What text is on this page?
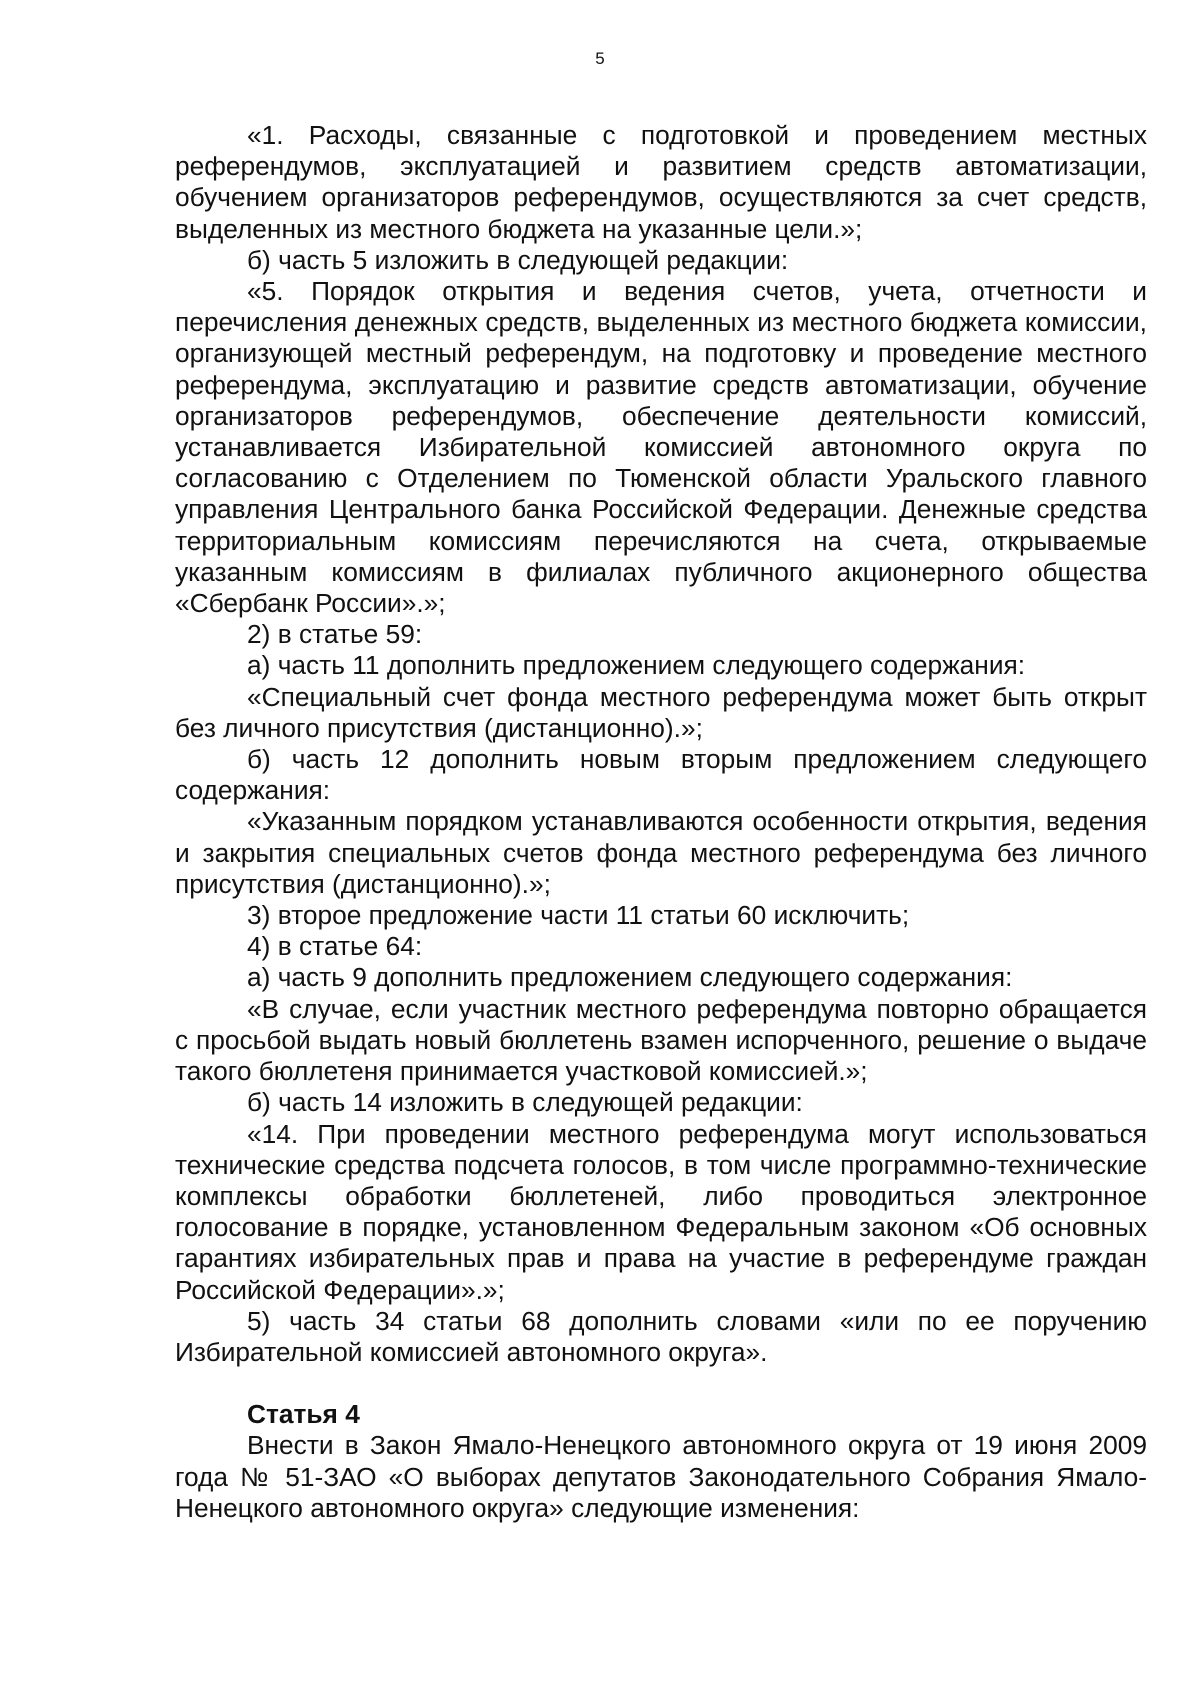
5

«1. Расходы, связанные с подготовкой и проведением местных референдумов, эксплуатацией и развитием средств автоматизации, обучением организаторов референдумов, осуществляются за счет средств, выделенных из местного бюджета на указанные цели.»;

б) часть 5 изложить в следующей редакции:

«5. Порядок открытия и ведения счетов, учета, отчетности и перечисления денежных средств, выделенных из местного бюджета комиссии, организующей местный референдум, на подготовку и проведение местного референдума, эксплуатацию и развитие средств автоматизации, обучение организаторов референдумов, обеспечение деятельности комиссий, устанавливается Избирательной комиссией автономного округа по согласованию с Отделением по Тюменской области Уральского главного управления Центрального банка Российской Федерации. Денежные средства территориальным комиссиям перечисляются на счета, открываемые указанным комиссиям в филиалах публичного акционерного общества «Сбербанк России».»;

2) в статье 59:

а) часть 11 дополнить предложением следующего содержания:

«Специальный счет фонда местного референдума может быть открыт без личного присутствия (дистанционно).»;

б) часть 12 дополнить новым вторым предложением следующего содержания:

«Указанным порядком устанавливаются особенности открытия, ведения и закрытия специальных счетов фонда местного референдума без личного присутствия (дистанционно).»;

3) второе предложение части 11 статьи 60 исключить;

4) в статье 64:

а) часть 9 дополнить предложением следующего содержания:

«В случае, если участник местного референдума повторно обращается с просьбой выдать новый бюллетень взамен испорченного, решение о выдаче такого бюллетеня принимается участковой комиссией.»;

б) часть 14 изложить в следующей редакции:

«14. При проведении местного референдума могут использоваться технические средства подсчета голосов, в том числе программно-технические комплексы обработки бюллетеней, либо проводиться электронное голосование в порядке, установленном Федеральным законом «Об основных гарантиях избирательных прав и права на участие в референдуме граждан Российской Федерации».»;

5) часть 34 статьи 68 дополнить словами «или по ее поручению Избирательной комиссией автономного округа».

Статья 4

Внести в Закон Ямало-Ненецкого автономного округа от 19 июня 2009 года № 51-ЗАО «О выборах депутатов Законодательного Собрания Ямало-Ненецкого автономного округа» следующие изменения:
